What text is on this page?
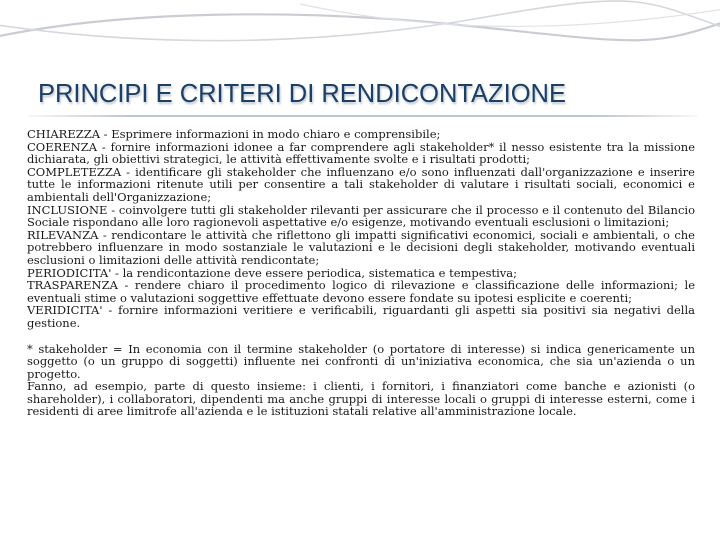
PRINCIPI E CRITERI DI RENDICONTAZIONE

CHIAREZZA - Esprimere informazioni in modo chiaro e comprensibile;

COERENZA - fornire informazioni idonee a far comprendere agli stakeholder* il nesso esistente tra la missione dichiarata, gli obiettivi strategici, le attività effettivamente svolte e i risultati prodotti;

COMPLETEZZA - identificare gli stakeholder che influenzano e/o sono influenzati dall'organizzazione e inserire tutte le informazioni ritenute utili per consentire a tali stakeholder di valutare i risultati sociali, economici e ambientali dell'Organizzazione;

INCLUSIONE - coinvolgere tutti gli stakeholder rilevanti per assicurare che il processo e il contenuto del Bilancio Sociale rispondano alle loro ragionevoli aspettative e/o esigenze, motivando eventuali esclusioni o limitazioni;

RILEVANZA - rendicontare le attività che riflettono gli impatti significativi economici, sociali e ambientali, o che potrebbero influenzare in modo sostanziale le valutazioni e le decisioni degli stakeholder, motivando eventuali esclusioni o limitazioni delle attività rendicontate;

PERIODICITA' - la rendicontazione deve essere periodica, sistematica e tempestiva;

TRASPARENZA - rendere chiaro il procedimento logico di rilevazione e classificazione delle informazioni; le eventuali stime o valutazioni soggettive effettuate devono essere fondate su ipotesi esplicite e coerenti;

VERIDICITA' - fornire informazioni veritiere e verificabili, riguardanti gli aspetti sia positivi sia negativi della gestione.

* stakeholder = In economia con il termine stakeholder (o portatore di interesse) si indica genericamente un soggetto (o un gruppo di soggetti) influente nei confronti di un'iniziativa economica, che sia un'azienda o un progetto.

Fanno, ad esempio, parte di questo insieme: i clienti, i fornitori, i finanziatori come banche e azionisti (o shareholder), i collaboratori, dipendenti ma anche gruppi di interesse locali o gruppi di interesse esterni, come i residenti di aree limitrofe all'azienda e le istituzioni statali relative all'amministrazione locale.
